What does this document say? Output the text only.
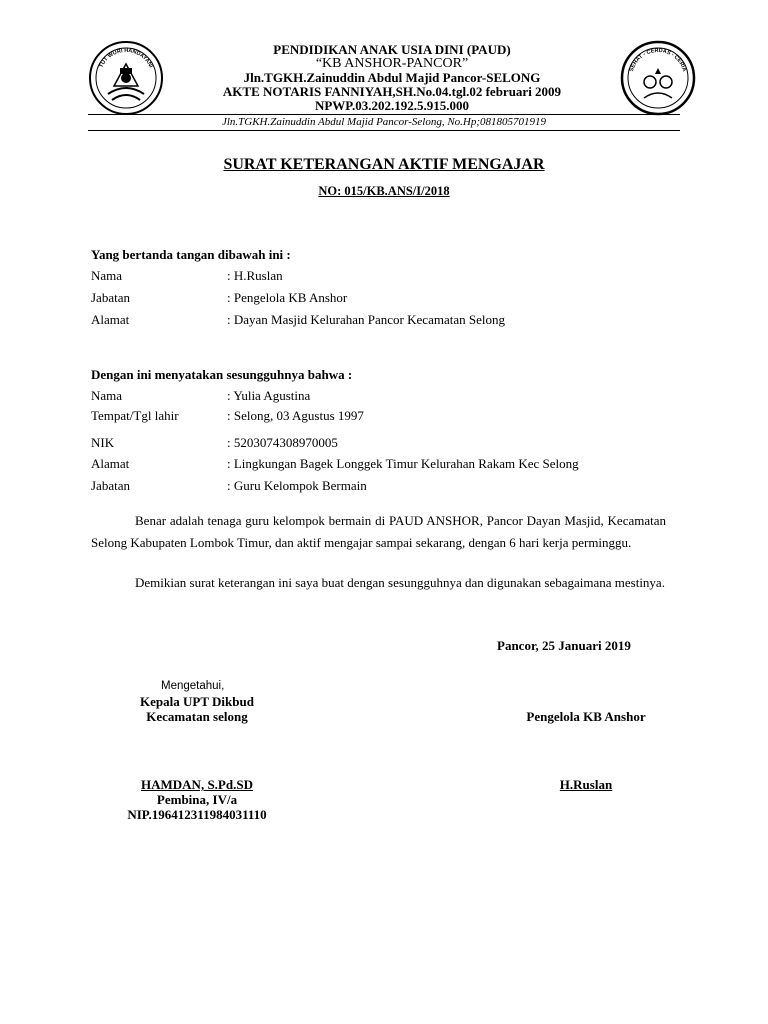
TUT WURI HANDAYANI
SEHAT - CERDAS - CERIA
PENDIDIKAN ANAK USIA DINI (PAUD)
“KB ANSHOR-PANCOR”
Jln.TGKH.Zainuddin Abdul Majid Pancor-SELONG
AKTE NOTARIS FANNIYAH,SH.No.04.tgl.02 februari 2009
NPWP.03.202.192.5.915.000
Jln.TGKH.Zainuddin Abdul Majid Pancor-Selong, No.Hp;081805701919
SURAT KETERANGAN AKTIF MENGAJAR
NO: 015/KB.ANS/I/2018
Yang bertanda tangan dibawah ini :
Nama	: H.Ruslan
Jabatan	: Pengelola KB Anshor
Alamat	: Dayan Masjid Kelurahan Pancor Kecamatan Selong
Dengan ini menyatakan sesungguhnya bahwa :
Nama	: Yulia Agustina
Tempat/Tgl lahir	: Selong, 03 Agustus 1997
NIK	: 5203074308970005
Alamat	: Lingkungan Bagek Longgek Timur Kelurahan Rakam Kec Selong
Jabatan	: Guru Kelompok Bermain
Benar adalah tenaga guru kelompok bermain di PAUD ANSHOR, Pancor Dayan Masjid, Kecamatan Selong Kabupaten Lombok Timur, dan aktif mengajar sampai sekarang, dengan 6 hari kerja perminggu.
Demikian surat keterangan ini saya buat dengan sesungguhnya dan digunakan sebagaimana mestinya.
Pancor, 25 Januari 2019
Mengetahui,
Kepala UPT Dikbud
Kecamatan selong
HAMDAN, S.Pd.SD
Pembina, IV/a
NIP.196412311984031110
Pengelola KB Anshor
H.Ruslan
